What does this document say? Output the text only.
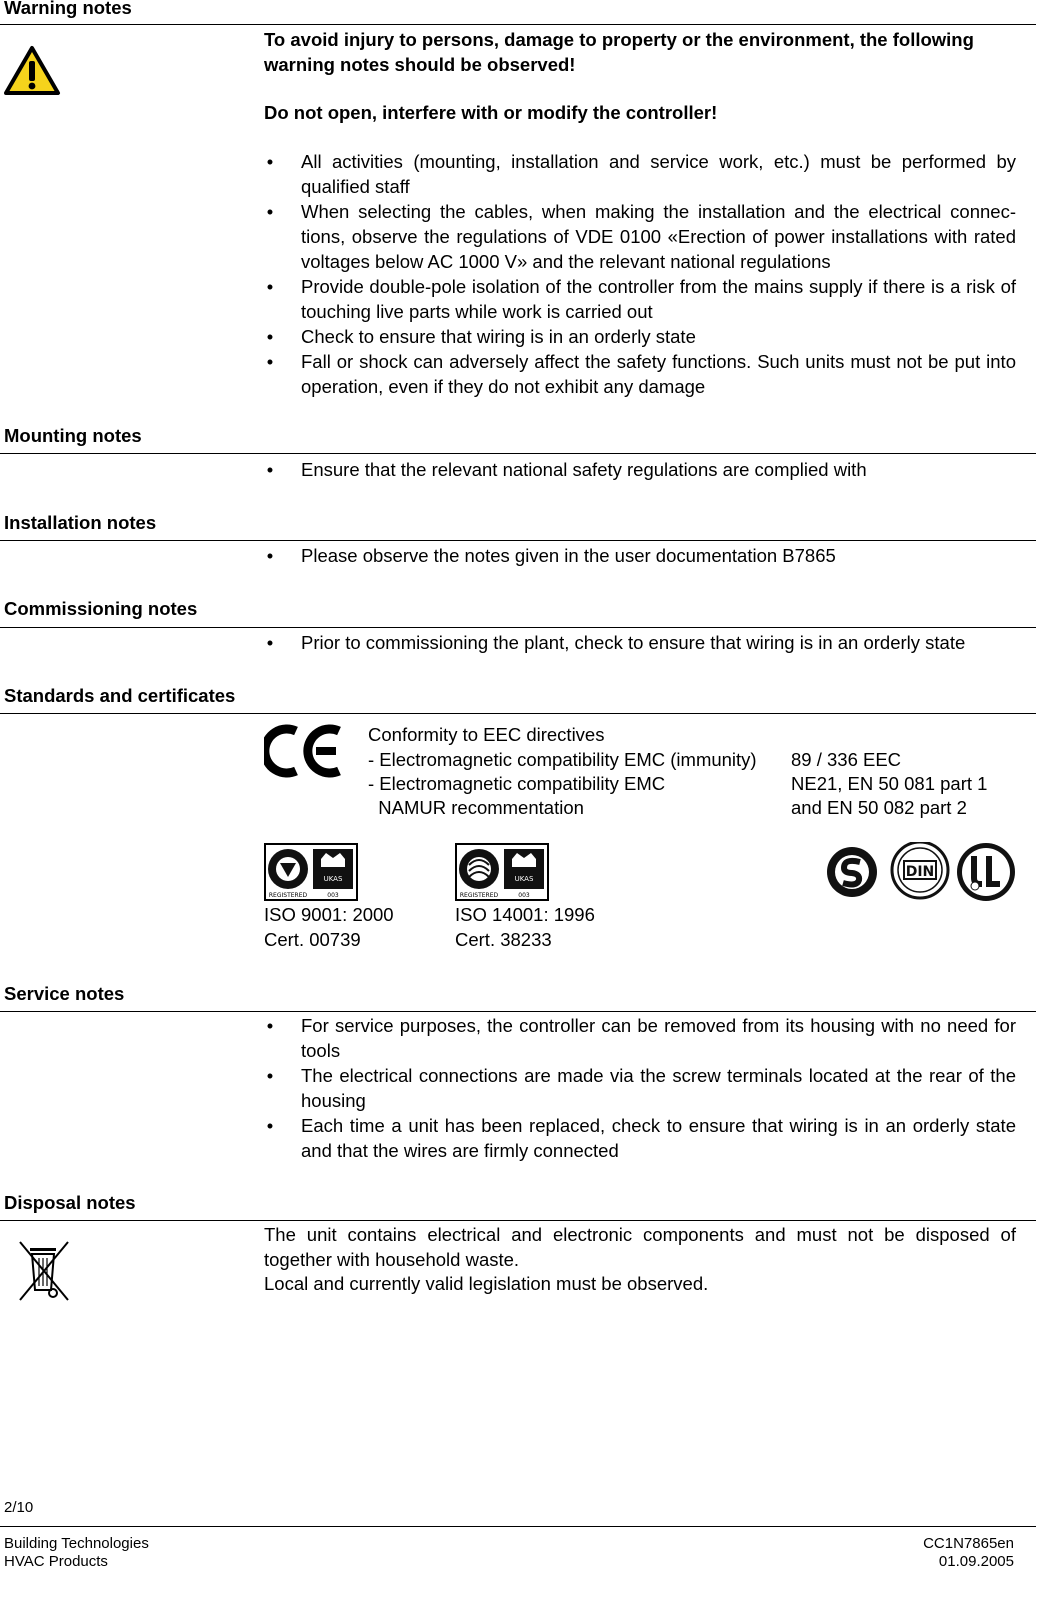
Warning notes
To avoid injury to persons, damage to property or the environment, the following warning notes should be observed!
Do not open, interfere with or modify the controller!
• All activities (mounting, installation and service work, etc.) must be performed by qualified staff
• When selecting the cables, when making the installation and the electrical connec-tions, observe the regulations of VDE 0100 «Erection of power installations with rated voltages below AC 1000 V» and the relevant national regulations
• Provide double-pole isolation of the controller from the mains supply if there is a risk of touching live parts while work is carried out
• Check to ensure that wiring is in an orderly state
• Fall or shock can adversely affect the safety functions. Such units must not be put into operation, even if they do not exhibit any damage
Mounting notes
• Ensure that the relevant national safety regulations are complied with
Installation notes
• Please observe the notes given in the user documentation B7865
Commissioning notes
• Prior to commissioning the plant, check to ensure that wiring is in an orderly state
Standards and certificates
Conformity to EEC directives
- Electromagnetic compatibility EMC (immunity)	89 / 336 EEC
- Electromagnetic compatibility EMC	NE21, EN 50 081 part 1
NAMUR recommentation	and EN 50 082 part 2
UKAS
REGISTERED	003
UKAS
REGISTERED	003
DIN
ISO 9001: 2000
Cert. 00739
ISO 14001: 1996
Cert. 38233
Service notes
• For service purposes, the controller can be removed from its housing with no need for tools
• The electrical connections are made via the screw terminals located at the rear of the housing
• Each time a unit has been replaced, check to ensure that wiring is in an orderly state and that the wires are firmly connected
Disposal notes
The unit contains electrical and electronic components and must not be disposed of together with household waste.
Local and currently valid legislation must be observed.
2/10
Building Technologies
HVAC Products
CC1N7865en
01.09.2005
